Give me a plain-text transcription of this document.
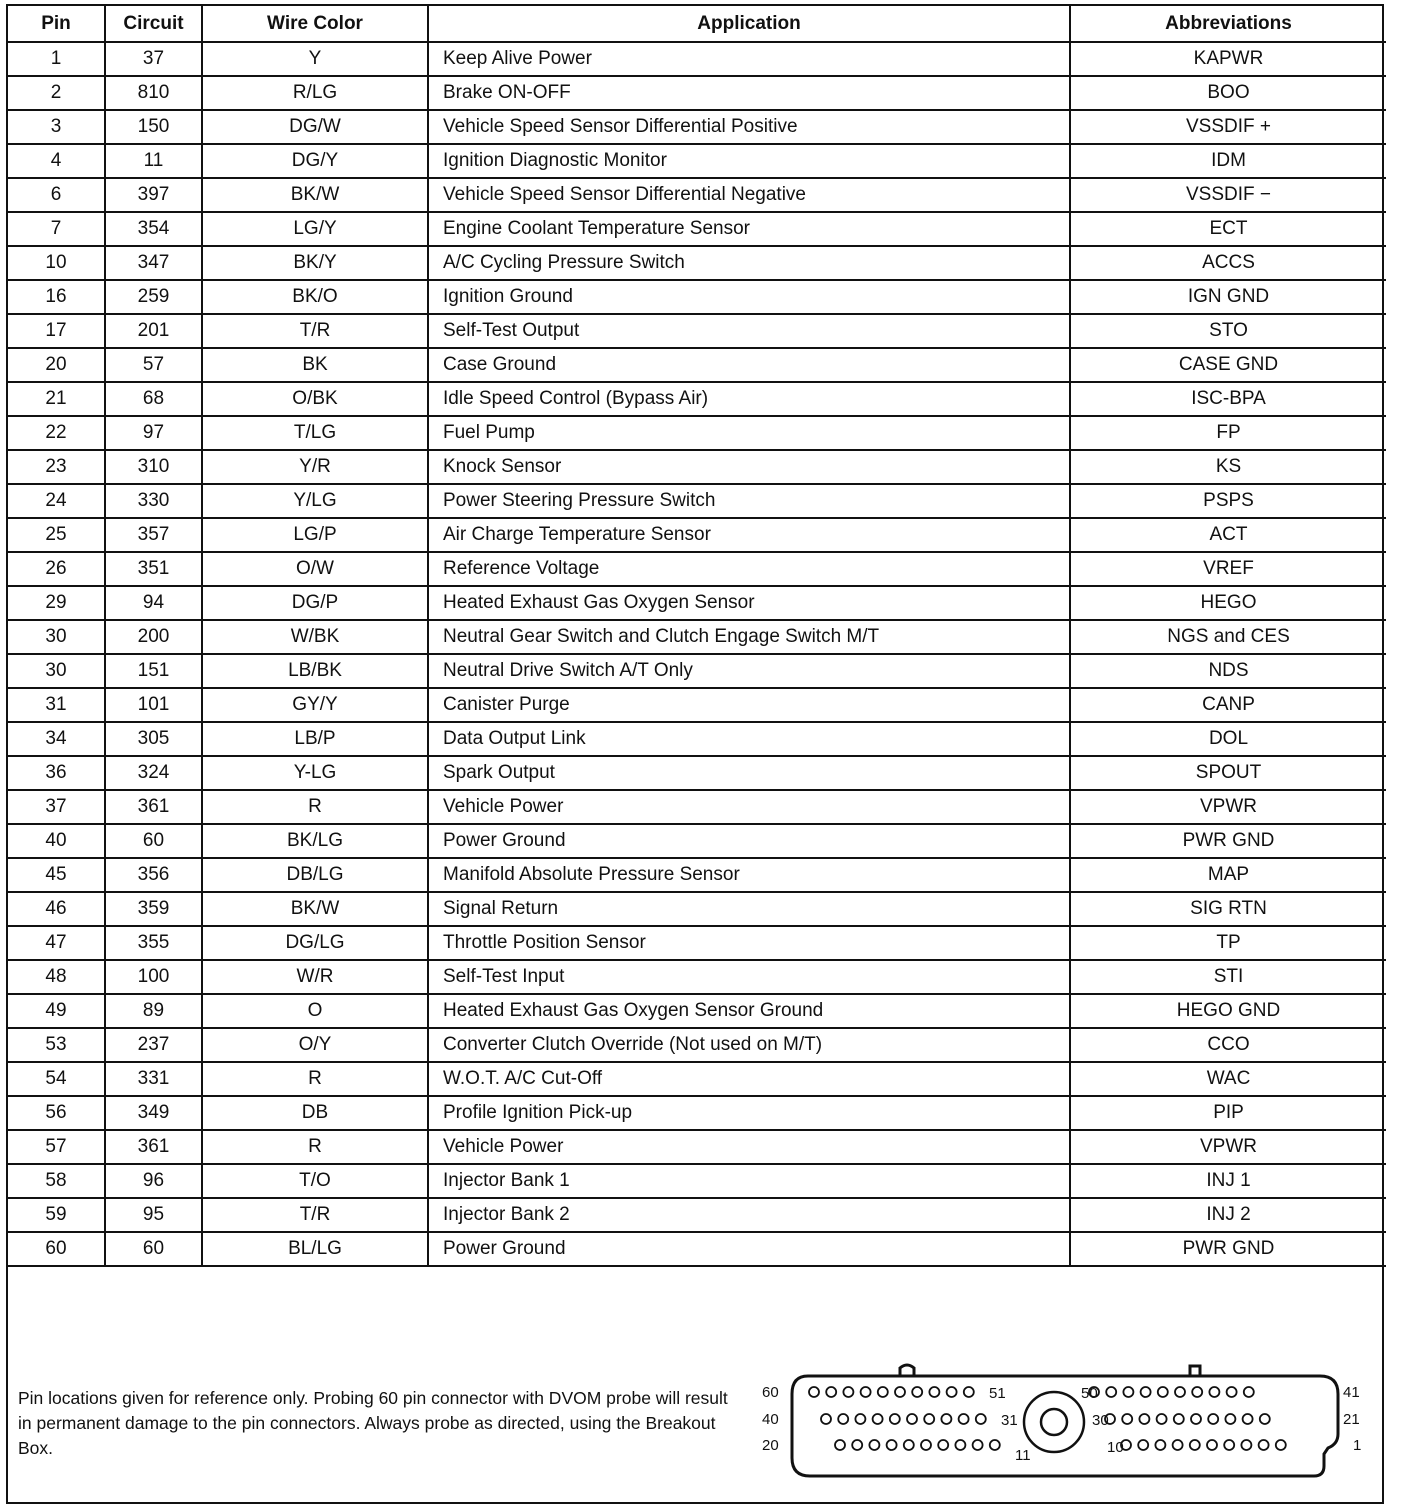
Pin	Circuit	Wire Color	Application	Abbreviations
1	37	Y	Keep Alive Power	KAPWR
2	810	R/LG	Brake ON-OFF	BOO
3	150	DG/W	Vehicle Speed Sensor Differential Positive	VSSDIF +
4	11	DG/Y	Ignition Diagnostic Monitor	IDM
6	397	BK/W	Vehicle Speed Sensor Differential Negative	VSSDIF −
7	354	LG/Y	Engine Coolant Temperature Sensor	ECT
10	347	BK/Y	A/C Cycling Pressure Switch	ACCS
16	259	BK/O	Ignition Ground	IGN GND
17	201	T/R	Self-Test Output	STO
20	57	BK	Case Ground	CASE GND
21	68	O/BK	Idle Speed Control (Bypass Air)	ISC-BPA
22	97	T/LG	Fuel Pump	FP
23	310	Y/R	Knock Sensor	KS
24	330	Y/LG	Power Steering Pressure Switch	PSPS
25	357	LG/P	Air Charge Temperature Sensor	ACT
26	351	O/W	Reference Voltage	VREF
29	94	DG/P	Heated Exhaust Gas Oxygen Sensor	HEGO
30	200	W/BK	Neutral Gear Switch and Clutch Engage Switch M/T	NGS and CES
30	151	LB/BK	Neutral Drive Switch A/T Only	NDS
31	101	GY/Y	Canister Purge	CANP
34	305	LB/P	Data Output Link	DOL
36	324	Y-LG	Spark Output	SPOUT
37	361	R	Vehicle Power	VPWR
40	60	BK/LG	Power Ground	PWR GND
45	356	DB/LG	Manifold Absolute Pressure Sensor	MAP
46	359	BK/W	Signal Return	SIG RTN
47	355	DG/LG	Throttle Position Sensor	TP
48	100	W/R	Self-Test Input	STI
49	89	O	Heated Exhaust Gas Oxygen Sensor Ground	HEGO GND
53	237	O/Y	Converter Clutch Override (Not used on M/T)	CCO
54	331	R	W.O.T. A/C Cut-Off	WAC
56	349	DB	Profile Ignition Pick-up	PIP
57	361	R	Vehicle Power	VPWR
58	96	T/O	Injector Bank 1	INJ 1
59	95	T/R	Injector Bank 2	INJ 2
60	60	BL/LG	Power Ground	PWR GND
Pin locations given for reference only. Probing 60 pin connector with DVOM probe will result in permanent damage to the pin connectors. Always probe as directed, using the Breakout Box.
60
40
20
41
21
1
51	50
31	30
11	10
